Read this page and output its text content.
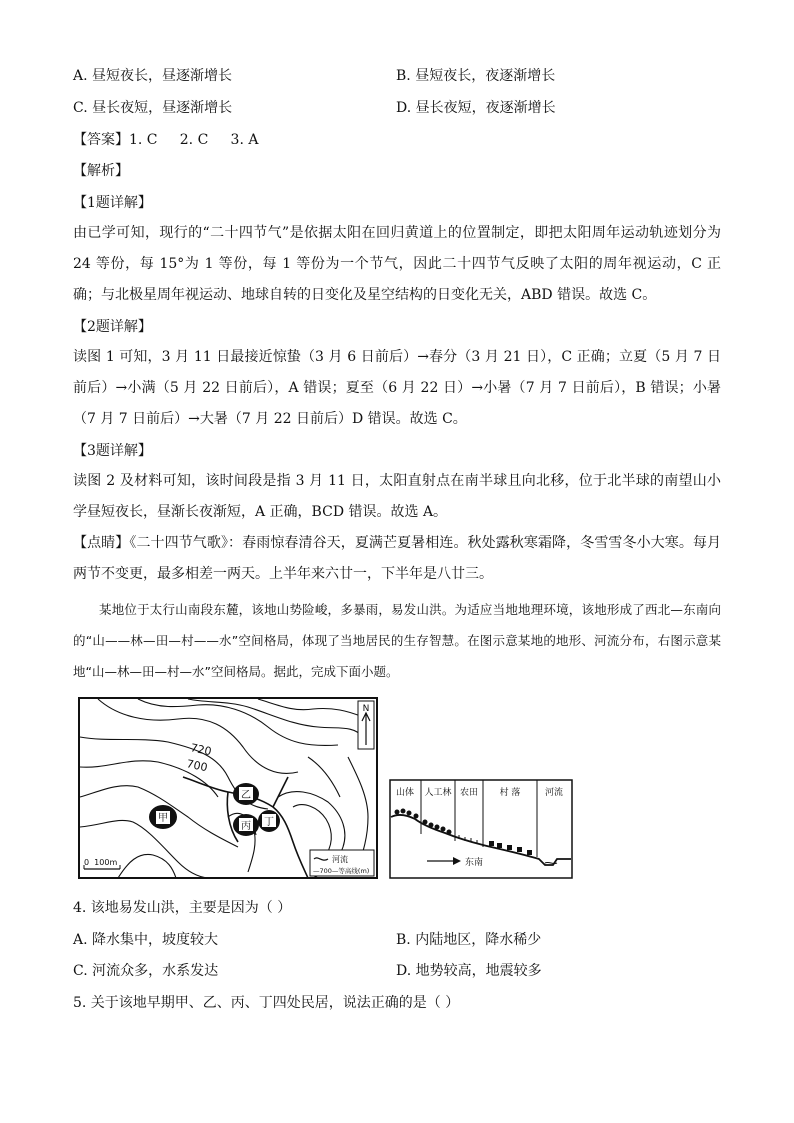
A. 昼短夜长，昼逐渐增长	B. 昼短夜长，夜逐渐增长
C. 昼长夜短，昼逐渐增长	D. 昼长夜短，夜逐渐增长
【答案】1. C     2. C     3. A
【解析】
【1题详解】
由已学可知，现行的“二十四节气”是依据太阳在回归黄道上的位置制定，即把太阳周年运动轨迹划分为 24 等份，每 15°为 1 等份，每 1 等份为一个节气，因此二十四节气反映了太阳的周年视运动，C 正确；与北极星周年视运动、地球自转的日变化及星空结构的日变化无关，ABD 错误。故选 C。
【2题详解】
读图 1 可知，3 月 11 日最接近惊蛰（3 月 6 日前后）→春分（3 月 21 日），C 正确；立夏（5 月 7 日前后）→小满（5 月 22 日前后），A 错误；夏至（6 月 22 日）→小暑（7 月 7 日前后），B 错误；小暑（7 月 7 日前后）→大暑（7 月 22 日前后）D 错误。故选 C。
【3题详解】
读图 2 及材料可知，该时间段是指 3 月 11 日，太阳直射点在南半球且向北移，位于北半球的南望山小学昼短夜长，昼渐长夜渐短，A 正确，BCD 错误。故选 A。
【点睛】《二十四节气歌》：春雨惊春清谷天，夏满芒夏暑相连。秋处露秋寒霜降，冬雪雪冬小大寒。每月两节不变更，最多相差一两天。上半年来六廿一，下半年是八廿三。
某地位于太行山南段东麓，该地山势险峻，多暴雨，易发山洪。为适应当地地理环境，该地形成了西北—东南向的“山——林—田—村——水”空间格局，体现了当地居民的生存智慧。在图示意某地的地形、河流分布，右图示意某地“山—林—田—村—水”空间格局。据此，完成下面小题。
甲
乙
丙 丁
720
700
N
0  100m	河流
—700—等高线(m)
山体 人工林 农田 村 落	河流
东南
4. 该地易发山洪，主要是因为（ ）
A. 降水集中，坡度较大	B. 内陆地区，降水稀少
C. 河流众多，水系发达	D. 地势较高，地震较多
5. 关于该地早期甲、乙、丙、丁四处民居，说法正确的是（ ）
